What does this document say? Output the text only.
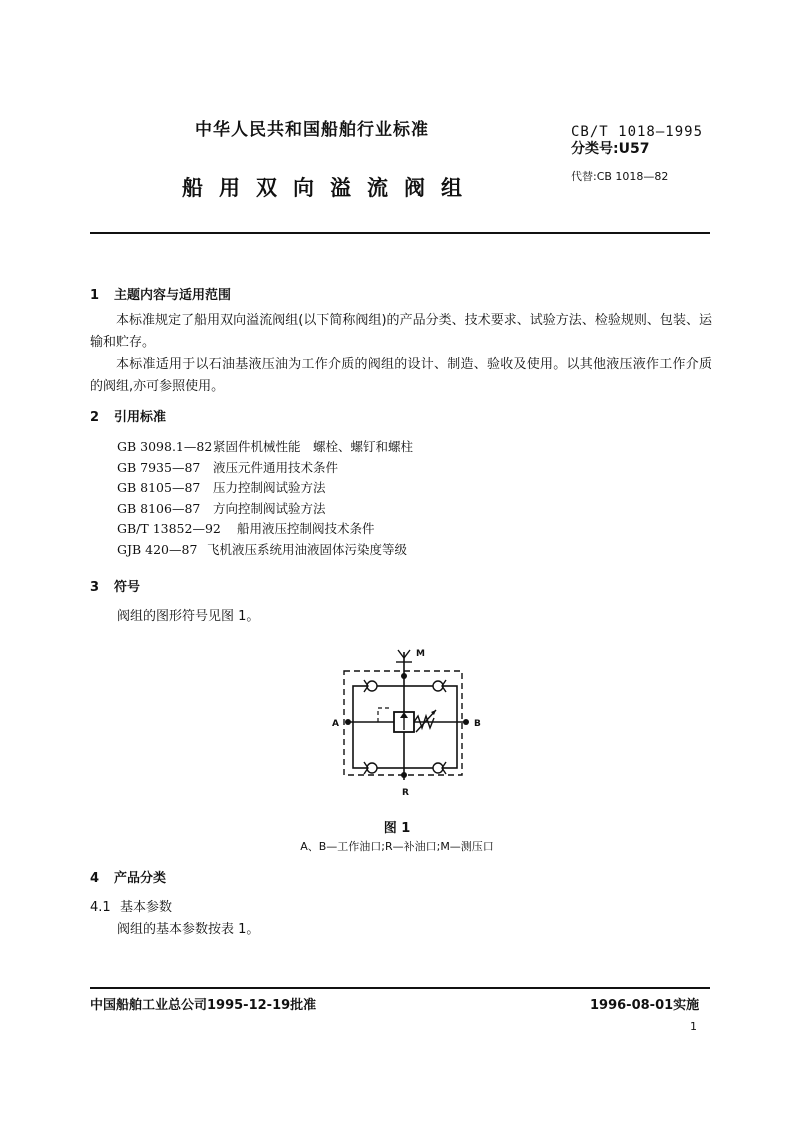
中华人民共和国船舶行业标准	CB/T 1018—1995
分类号:U57
代替:CB 1018—82
船用双向溢流阀组
1 主题内容与适用范围
本标准规定了船用双向溢流阀组(以下简称阀组)的产品分类、技术要求、试验方法、检验规则、包装、运输和贮存。
本标准适用于以石油基液压油为工作介质的阀组的设计、制造、验收及使用。以其他液压液作工作介质的阀组,亦可参照使用。
2 引用标准
GB 3098.1—82紧固件机械性能　螺栓、螺钉和螺柱
GB 7935—87 液压元件通用技术条件
GB 8105—87 压力控制阀试验方法
GB 8106—87 方向控制阀试验方法
GB/T 13852—92 船用液压控制阀技术条件
GJB 420—87 飞机液压系统用油液固体污染度等级
3 符号
阀组的图形符号见图 1。
A	B
M
R
图 1
A、B—工作油口;R—补油口;M—测压口
4 产品分类
4.1 基本参数
阀组的基本参数按表 1。
中国船舶工业总公司1995-12-19批准	1996-08-01实施
1
